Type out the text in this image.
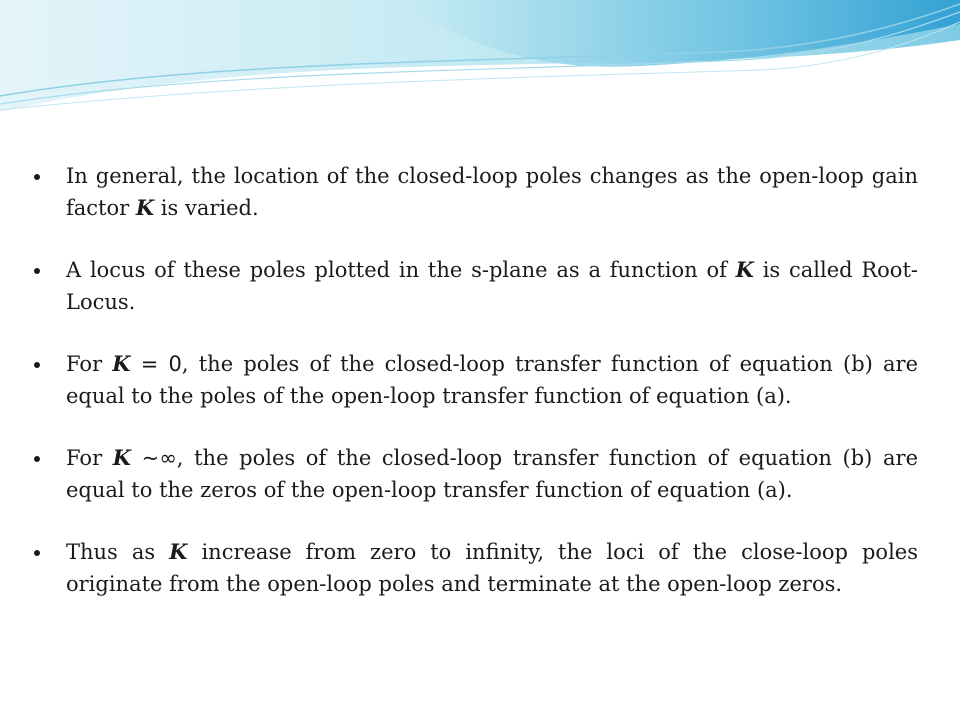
In general, the location of the closed-loop poles changes as the open-loop gain factor K is varied.
A locus of these poles plotted in the s-plane as a function of K is called Root-Locus.
For K = 0, the poles of the closed-loop transfer function of equation (b) are equal to the poles of the open-loop transfer function of equation (a).
For K ~∞, the poles of the closed-loop transfer function of equation (b) are equal to the zeros of the open-loop transfer function of equation (a).
Thus as K increase from zero to infinity, the loci of the close-loop poles originate from the open-loop poles and terminate at the open-loop zeros.
